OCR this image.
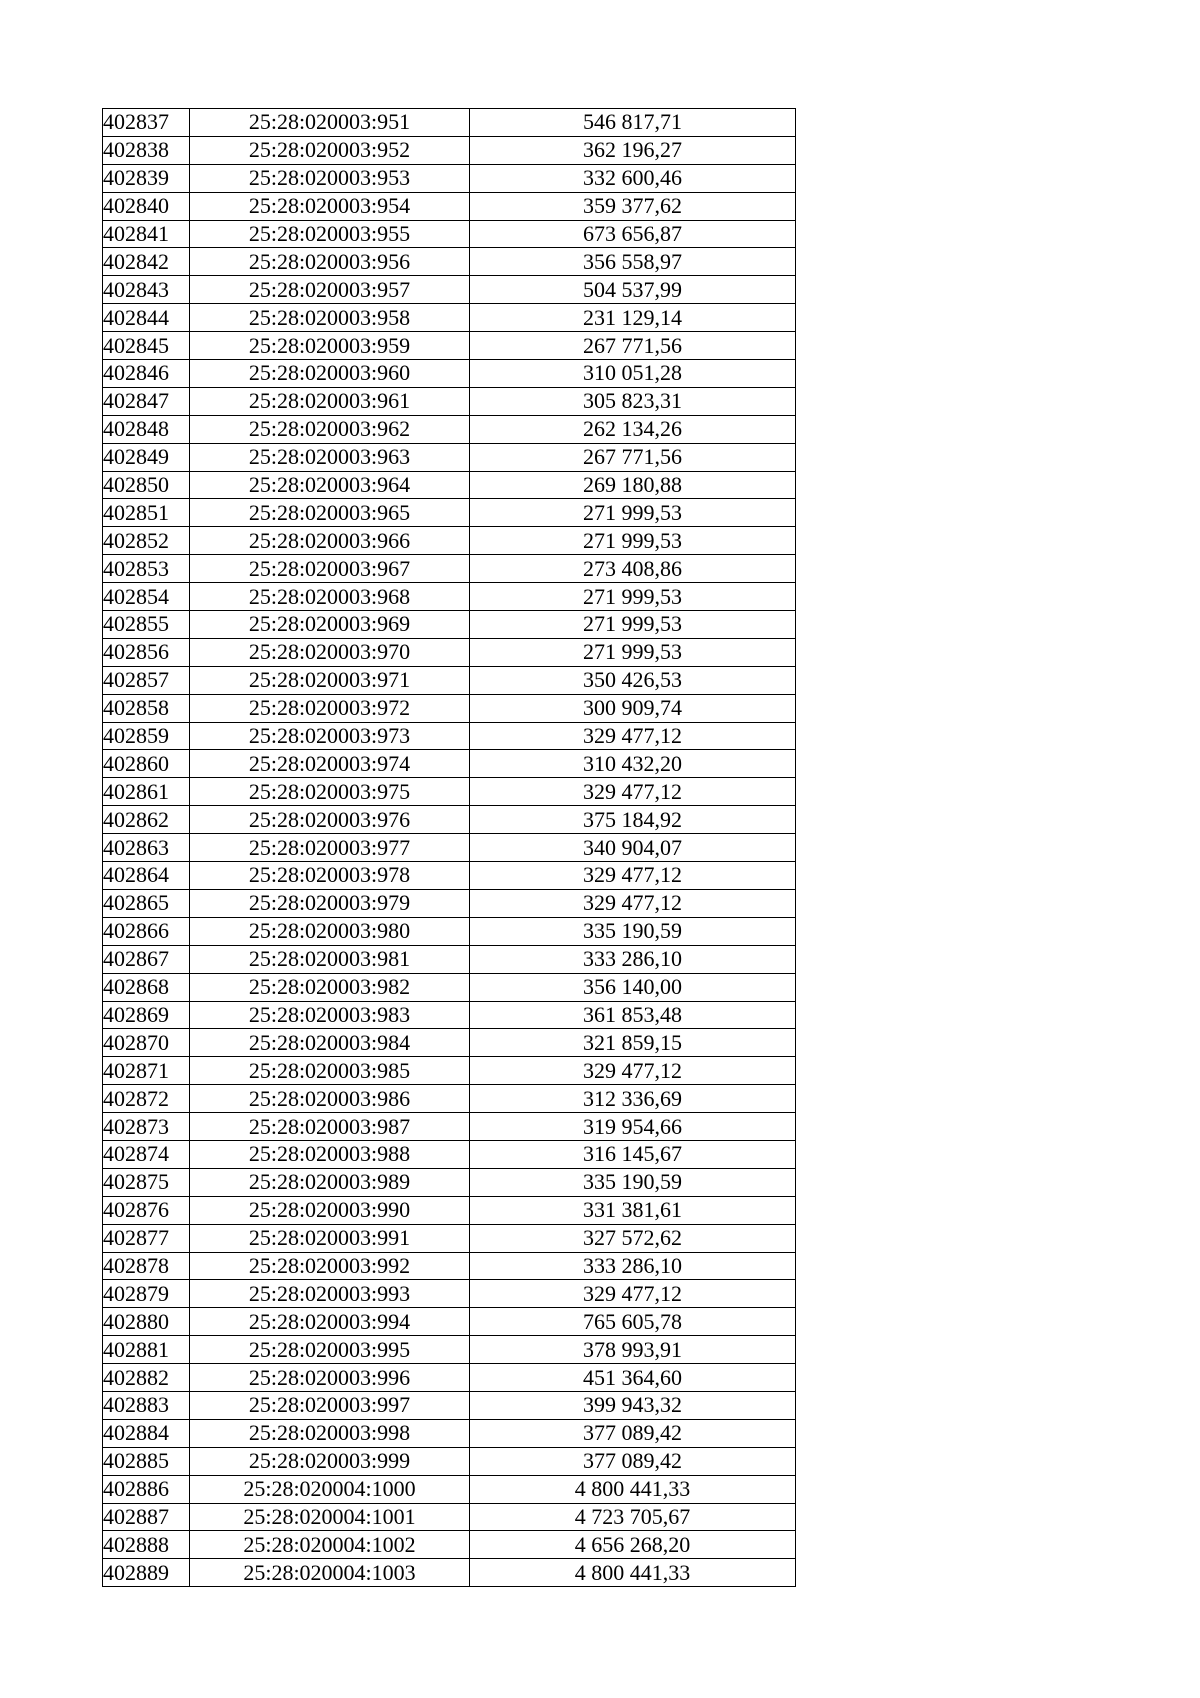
402837	25:28:020003:951	546 817,71
402838	25:28:020003:952	362 196,27
402839	25:28:020003:953	332 600,46
402840	25:28:020003:954	359 377,62
402841	25:28:020003:955	673 656,87
402842	25:28:020003:956	356 558,97
402843	25:28:020003:957	504 537,99
402844	25:28:020003:958	231 129,14
402845	25:28:020003:959	267 771,56
402846	25:28:020003:960	310 051,28
402847	25:28:020003:961	305 823,31
402848	25:28:020003:962	262 134,26
402849	25:28:020003:963	267 771,56
402850	25:28:020003:964	269 180,88
402851	25:28:020003:965	271 999,53
402852	25:28:020003:966	271 999,53
402853	25:28:020003:967	273 408,86
402854	25:28:020003:968	271 999,53
402855	25:28:020003:969	271 999,53
402856	25:28:020003:970	271 999,53
402857	25:28:020003:971	350 426,53
402858	25:28:020003:972	300 909,74
402859	25:28:020003:973	329 477,12
402860	25:28:020003:974	310 432,20
402861	25:28:020003:975	329 477,12
402862	25:28:020003:976	375 184,92
402863	25:28:020003:977	340 904,07
402864	25:28:020003:978	329 477,12
402865	25:28:020003:979	329 477,12
402866	25:28:020003:980	335 190,59
402867	25:28:020003:981	333 286,10
402868	25:28:020003:982	356 140,00
402869	25:28:020003:983	361 853,48
402870	25:28:020003:984	321 859,15
402871	25:28:020003:985	329 477,12
402872	25:28:020003:986	312 336,69
402873	25:28:020003:987	319 954,66
402874	25:28:020003:988	316 145,67
402875	25:28:020003:989	335 190,59
402876	25:28:020003:990	331 381,61
402877	25:28:020003:991	327 572,62
402878	25:28:020003:992	333 286,10
402879	25:28:020003:993	329 477,12
402880	25:28:020003:994	765 605,78
402881	25:28:020003:995	378 993,91
402882	25:28:020003:996	451 364,60
402883	25:28:020003:997	399 943,32
402884	25:28:020003:998	377 089,42
402885	25:28:020003:999	377 089,42
402886	25:28:020004:1000	4 800 441,33
402887	25:28:020004:1001	4 723 705,67
402888	25:28:020004:1002	4 656 268,20
402889	25:28:020004:1003	4 800 441,33
